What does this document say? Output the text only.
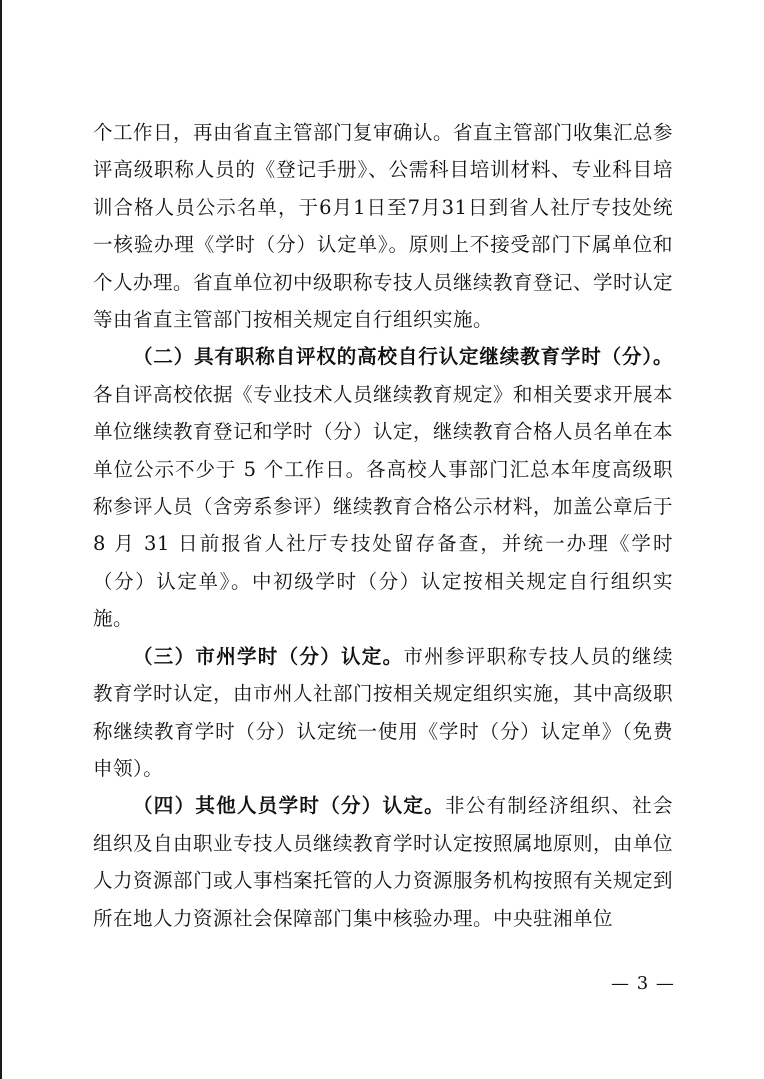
个工作日，再由省直主管部门复审确认。省直主管部门收集汇总参评高级职称人员的《登记手册》、公需科目培训材料、专业科目培训合格人员公示名单，于6月1日至7月31日到省人社厅专技处统一核验办理《学时（分）认定单》。原则上不接受部门下属单位和个人办理。省直单位初中级职称专技人员继续教育登记、学时认定等由省直主管部门按相关规定自行组织实施。

（二）具有职称自评权的高校自行认定继续教育学时（分）。各自评高校依据《专业技术人员继续教育规定》和相关要求开展本单位继续教育登记和学时（分）认定，继续教育合格人员名单在本单位公示不少于 5 个工作日。各高校人事部门汇总本年度高级职称参评人员（含旁系参评）继续教育合格公示材料，加盖公章后于 8 月 31 日前报省人社厅专技处留存备查，并统一办理《学时（分）认定单》。中初级学时（分）认定按相关规定自行组织实施。

（三）市州学时（分）认定。市州参评职称专技人员的继续教育学时认定，由市州人社部门按相关规定组织实施，其中高级职称继续教育学时（分）认定统一使用《学时（分）认定单》（免费申领）。

（四）其他人员学时（分）认定。非公有制经济组织、社会组织及自由职业专技人员继续教育学时认定按照属地原则，由单位人力资源部门或人事档案托管的人力资源服务机构按照有关规定到所在地人力资源社会保障部门集中核验办理。中央驻湘单位

— 3 —
